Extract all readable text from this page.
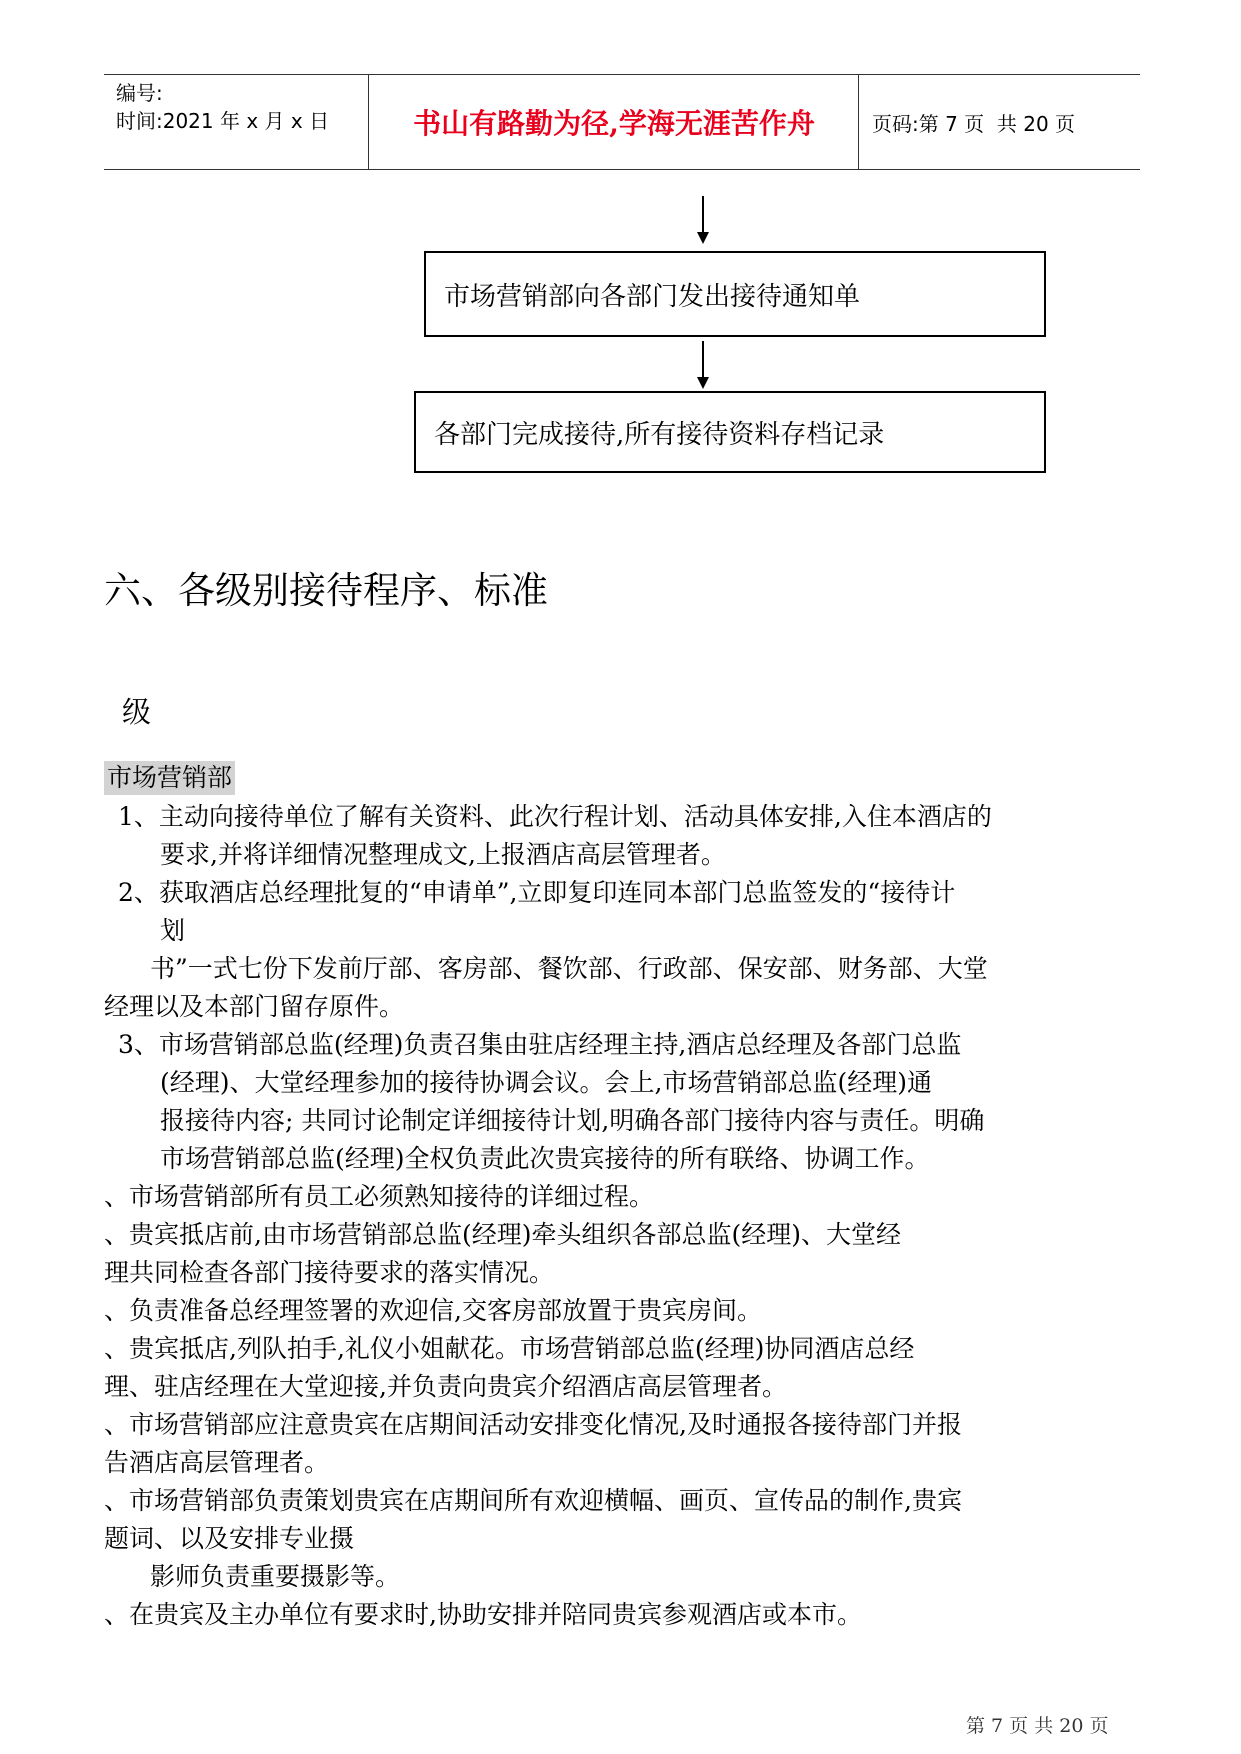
编号:
时间:2021 年 x 月 x 日	书山有路勤为径,学海无涯苦作舟	页码:第 7 页  共 20 页
市场营销部向各部门发出接待通知单
各部门完成接待,所有接待资料存档记录
六、各级别接待程序、标准
级
市场营销部
1、主动向接待单位了解有关资料、此次行程计划、活动具体安排,入住本酒店的
要求,并将详细情况整理成文,上报酒店高层管理者。
2、获取酒店总经理批复的“申请单”,立即复印连同本部门总监签发的“接待计
划
书”一式七份下发前厅部、客房部、餐饮部、行政部、保安部、财务部、大堂
经理以及本部门留存原件。
3、市场营销部总监(经理)负责召集由驻店经理主持,酒店总经理及各部门总监
(经理)、大堂经理参加的接待协调会议。会上,市场营销部总监(经理)通
报接待内容; 共同讨论制定详细接待计划,明确各部门接待内容与责任。明确
市场营销部总监(经理)全权负责此次贵宾接待的所有联络、协调工作。
、市场营销部所有员工必须熟知接待的详细过程。
、贵宾抵店前,由市场营销部总监(经理)牵头组织各部总监(经理)、大堂经
理共同检查各部门接待要求的落实情况。
、负责准备总经理签署的欢迎信,交客房部放置于贵宾房间。
、贵宾抵店,列队拍手,礼仪小姐献花。市场营销部总监(经理)协同酒店总经
理、驻店经理在大堂迎接,并负责向贵宾介绍酒店高层管理者。
、市场营销部应注意贵宾在店期间活动安排变化情况,及时通报各接待部门并报
告酒店高层管理者。
、市场营销部负责策划贵宾在店期间所有欢迎横幅、画页、宣传品的制作,贵宾
题词、以及安排专业摄
影师负责重要摄影等。
、在贵宾及主办单位有要求时,协助安排并陪同贵宾参观酒店或本市。
第 7 页 共 20 页
